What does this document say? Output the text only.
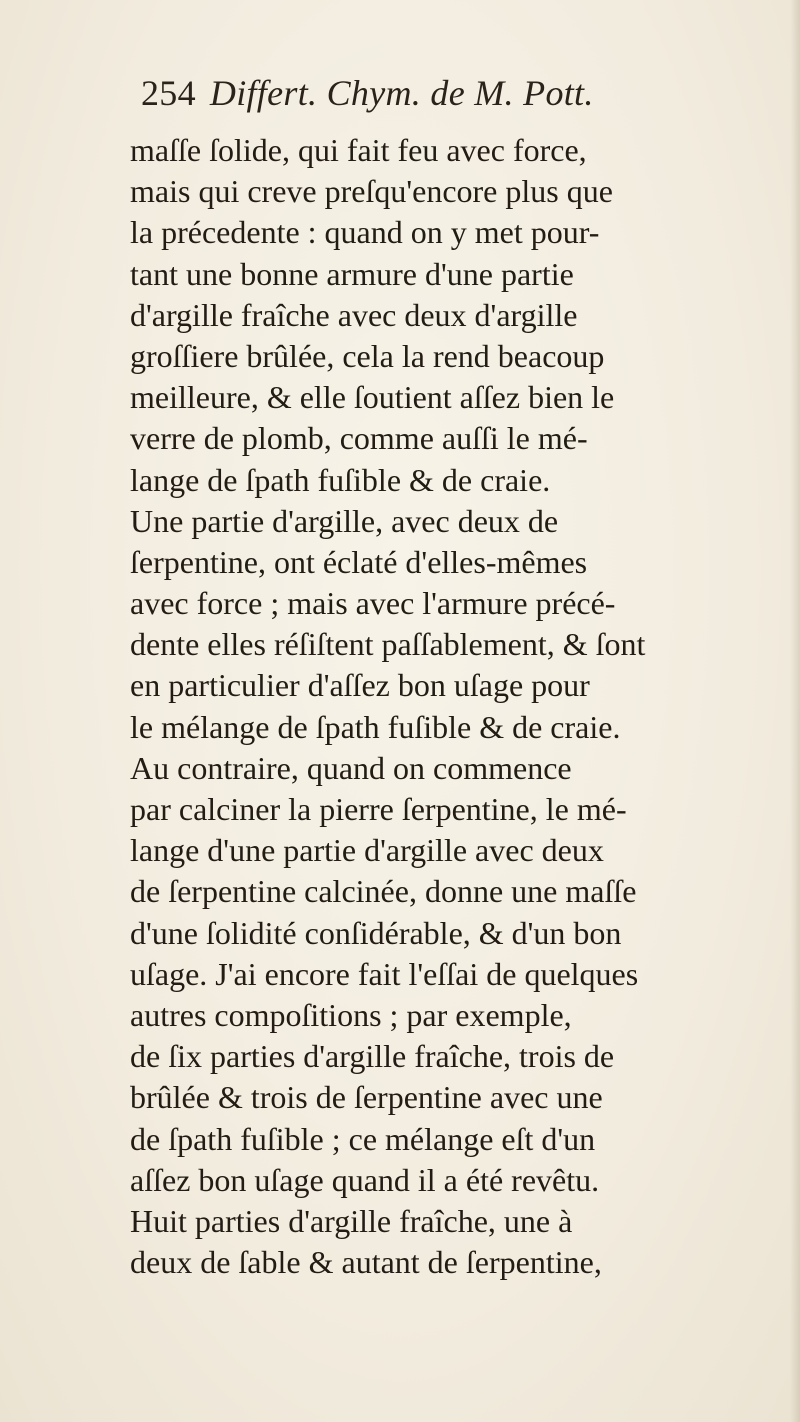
254 Differt. Chym. de M. Pott.
maſſe ſolide, qui fait feu avec force,
mais qui creve preſqu'encore plus que
la précedente : quand on y met pour-
tant une bonne armure d'une partie
d'argille fraîche avec deux d'argille
groſſiere brûlée, cela la rend beacoup
meilleure, & elle ſoutient aſſez bien le
verre de plomb, comme auſſi le mé-
lange de ſpath fuſible & de craie.
Une partie d'argille, avec deux de
ſerpentine, ont éclaté d'elles-mêmes
avec force ; mais avec l'armure précé-
dente elles réſiſtent paſſablement, & ſont
en particulier d'aſſez bon uſage pour
le mélange de ſpath fuſible & de craie.
Au contraire, quand on commence
par calciner la pierre ſerpentine, le mé-
lange d'une partie d'argille avec deux
de ſerpentine calcinée, donne une maſſe
d'une ſolidité conſidérable, & d'un bon
uſage. J'ai encore fait l'eſſai de quelques
autres compoſitions ; par exemple,
de ſix parties d'argille fraîche, trois de
brûlée & trois de ſerpentine avec une
de ſpath fuſible ; ce mélange eſt d'un
aſſez bon uſage quand il a été revêtu.
Huit parties d'argille fraîche, une à
deux de ſable & autant de ſerpentine,
